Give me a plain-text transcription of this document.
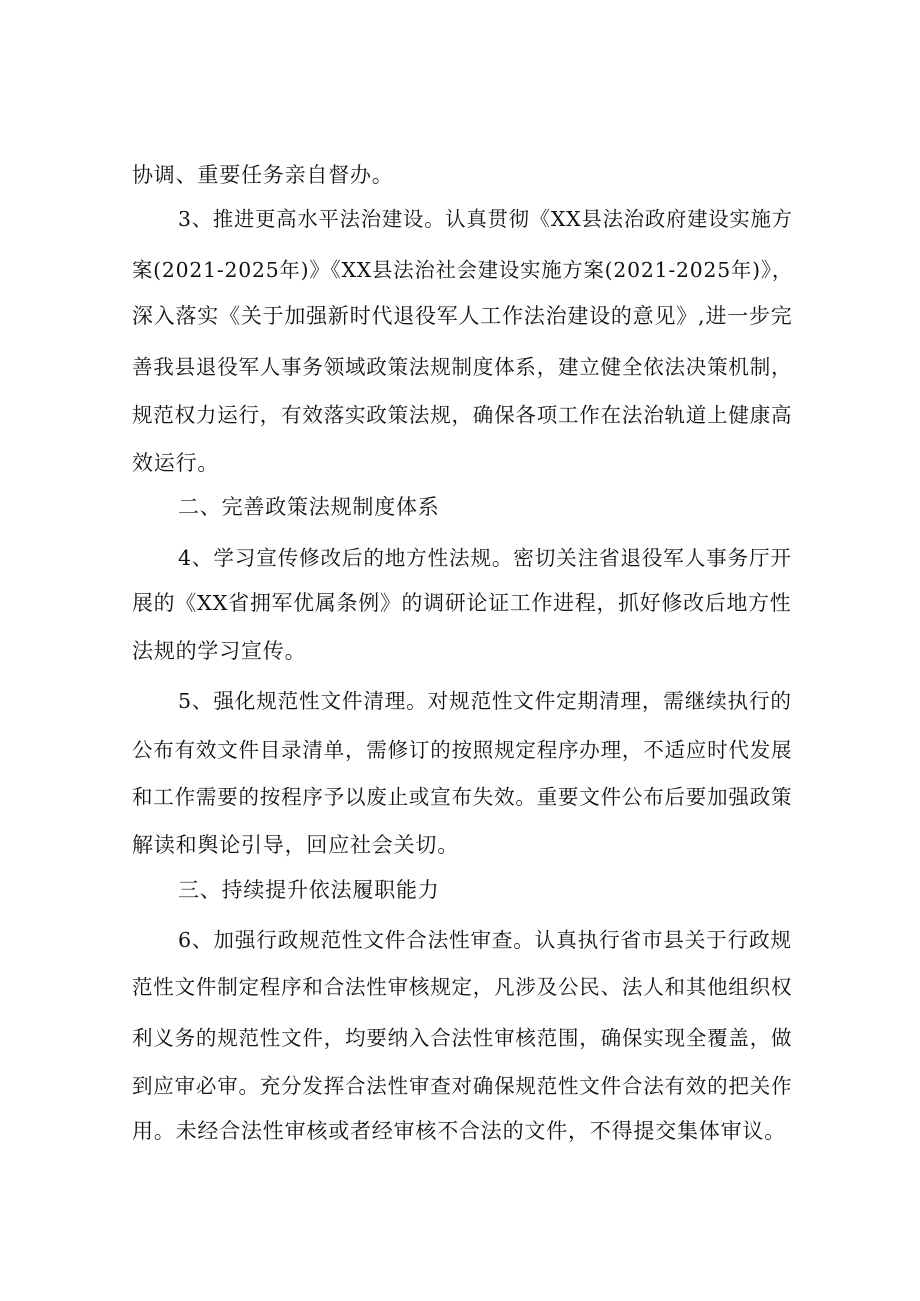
协调、重要任务亲自督办。
3、推进更高水平法治建设。认真贯彻《XX县法治政府建设实施方
案(2021-2025年)》《XX县法治社会建设实施方案(2021-2025年)》，
深入落实《关于加强新时代退役军人工作法治建设的意见》,进一步完
善我县退役军人事务领域政策法规制度体系，建立健全依法决策机制，
规范权力运行，有效落实政策法规，确保各项工作在法治轨道上健康高
效运行。
二、完善政策法规制度体系
4、学习宣传修改后的地方性法规。密切关注省退役军人事务厅开
展的《XX省拥军优属条例》的调研论证工作进程，抓好修改后地方性
法规的学习宣传。
5、强化规范性文件清理。对规范性文件定期清理，需继续执行的
公布有效文件目录清单，需修订的按照规定程序办理，不适应时代发展
和工作需要的按程序予以废止或宣布失效。重要文件公布后要加强政策
解读和舆论引导，回应社会关切。
三、持续提升依法履职能力
6、加强行政规范性文件合法性审查。认真执行省市县关于行政规
范性文件制定程序和合法性审核规定，凡涉及公民、法人和其他组织权
利义务的规范性文件，均要纳入合法性审核范围，确保实现全覆盖，做
到应审必审。充分发挥合法性审查对确保规范性文件合法有效的把关作
用。未经合法性审核或者经审核不合法的文件，不得提交集体审议。
